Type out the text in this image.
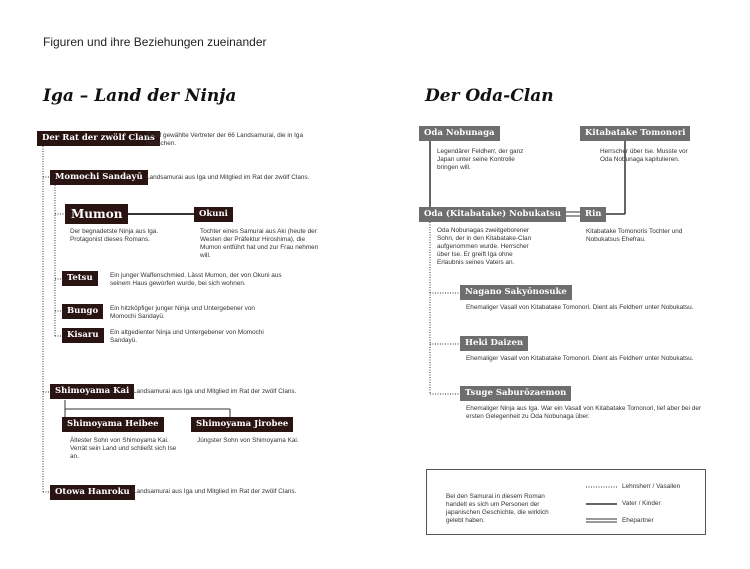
Figuren und ihre Beziehungen zueinander
Iga – Land der Ninja
Der Rat der zwölf Clans
Zwölf gewählte Vertreter der 66 Landsamurai, die in Iga herrschen.
Momochi Sandayū Landsamurai aus Iga und Mitglied im Rat der zwölf Clans.
Mumon
Der begnadetste Ninja aus Iga. Protagonist dieses Romans.
Okuni
Tochter eines Samurai aus Aki (heute der Westen der Präfektur Hiroshima), die Mumon entführt hat und zur Frau nehmen will.
Tetsu	Ein junger Waffenschmied. Lässt Mumon, der von Okuni aus seinem Haus geworfen wurde, bei sich wohnen.
Bungo	Ein hitzköpfiger junger Ninja und Untergebener von Momochi Sandayū.
Kisaru	Ein altgedienter Ninja und Untergebener von Momochi Sandayū.
Shimoyama Kai Landsamurai aus Iga und Mitglied im Rat der zwölf Clans.
Shimoyama Heibee
Ältester Sohn von Shimoyama Kai. Verrät sein Land und schließt sich Ise an.
Shimoyama Jirobee
Jüngster Sohn von Shimoyama Kai.
Otowa Hanroku Landsamurai aus Iga und Mitglied im Rat der zwölf Clans.
Der Oda-Clan
Oda Nobunaga
Legendärer Feldherr, der ganz Japan unter seine Kontrolle bringen will.
Kitabatake Tomonori
Herrscher über Ise. Musste vor Oda Nobunaga kapitulieren.
Oda (Kitabatake) Nobukatsu
Oda Nobunagas zweitgeborener Sohn, der in den Kitabatake-Clan aufgenommen wurde. Herrscher über Ise. Er greift Iga ohne Erlaubnis seines Vaters an.
Rin
Kitabatake Tomonoris Tochter und Nobukatsus Ehefrau.
Nagano Sakyōnosuke
Ehemaliger Vasall von Kitabatake Tomonori. Dient als Feldherr unter Nobukatsu.
Heki Daizen
Ehemaliger Vasall von Kitabatake Tomonori. Dient als Feldherr unter Nobukatsu.
Tsuge Saburōzaemon
Ehemaliger Ninja aus Iga. War ein Vasall von Kitabatake Tomonori, lief aber bei der ersten Gelegenheit zu Oda Nobunaga über.
Bei den Samurai in diesem Roman handelt es sich um Personen der japanischen Geschichte, die wirklich gelebt haben.
Lehnsherr / Vasallen
Vater / Kinder
Ehepartner
